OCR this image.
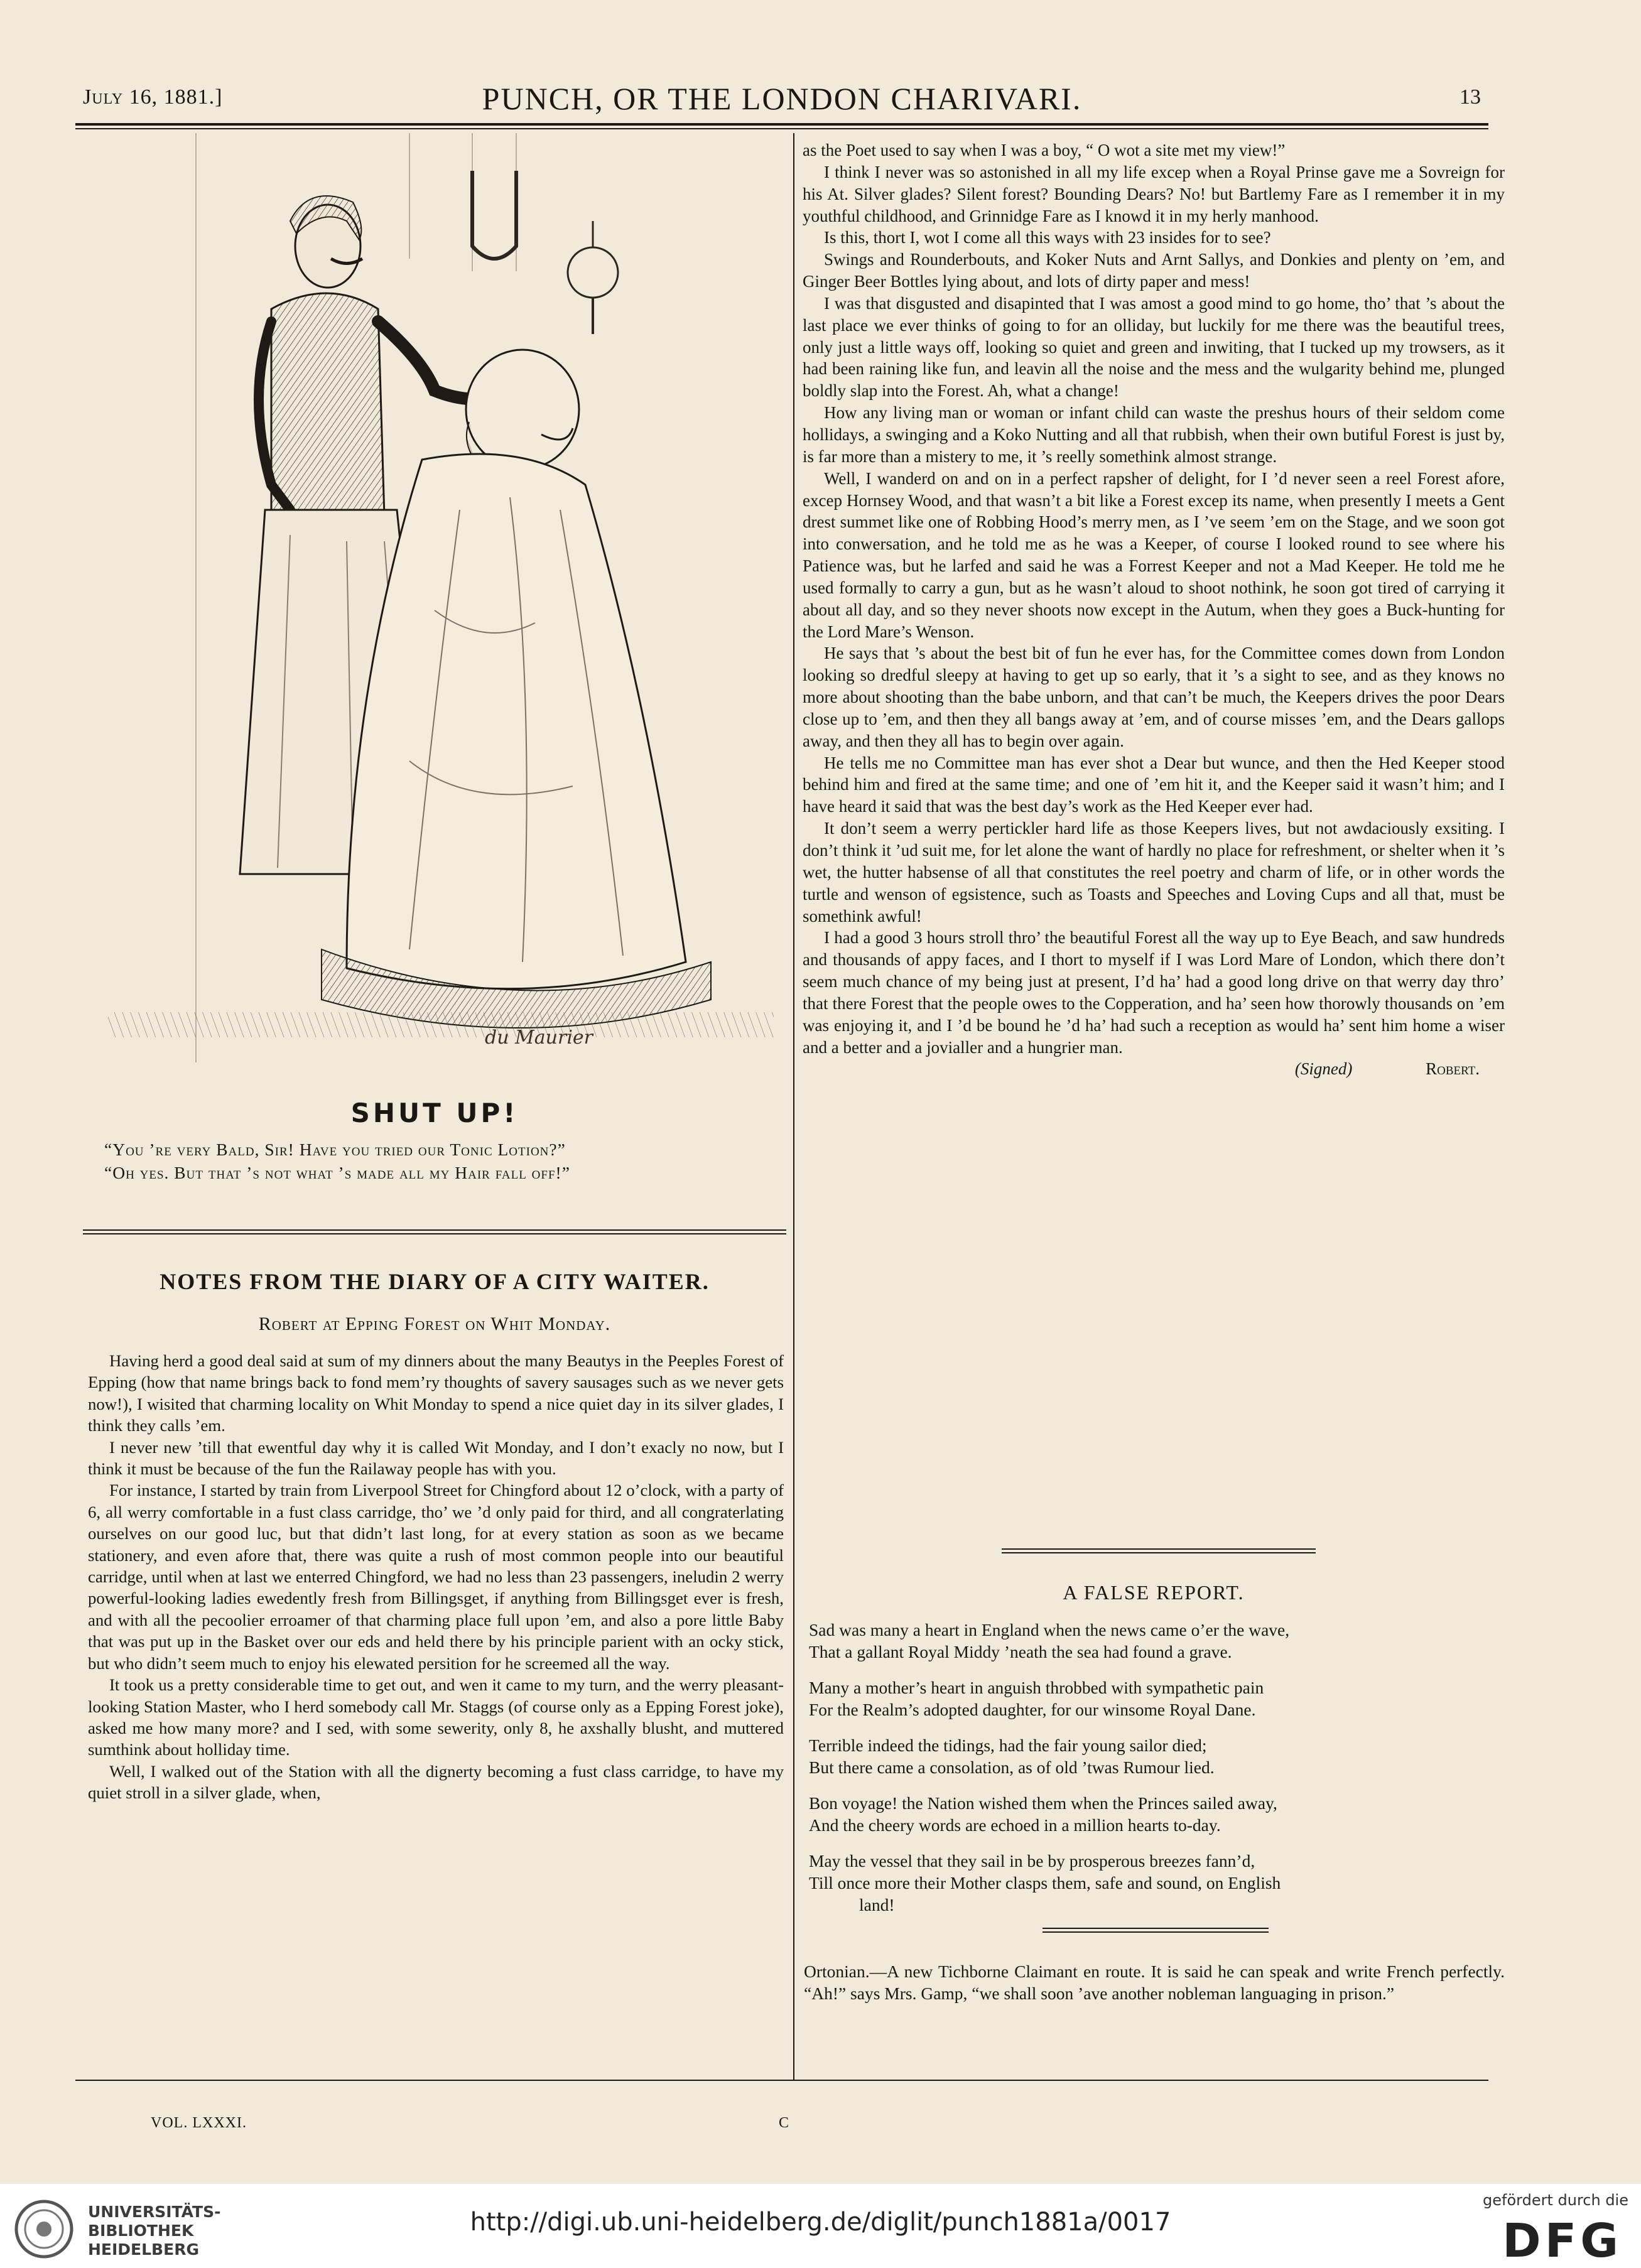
July 16, 1881.]	PUNCH, OR THE LONDON CHARIVARI.	13
du Maurier
SHUT UP!

“You ’re very Bald, Sir! Have you tried our Tonic Lotion?”

“Oh yes. But that ’s not what ’s made all my Hair fall off!”

NOTES FROM THE DIARY OF A CITY WAITER.
Robert at Epping Forest on Whit Monday.

Having herd a good deal said at sum of my dinners about the many Beautys in the Peeples Forest of Epping (how that name brings back to fond mem’ry thoughts of savery sausages such as we never gets now!), I wisited that charming locality on Whit Monday to spend a nice quiet day in its silver glades, I think they calls ’em.

I never new ’till that ewentful day why it is called Wit Monday, and I don’t exacly no now, but I think it must be because of the fun the Railaway people has with you.

For instance, I started by train from Liverpool Street for Chingford about 12 o’clock, with a party of 6, all werry comfortable in a fust class carridge, tho’ we ’d only paid for third, and all congraterlating ourselves on our good luc, but that didn’t last long, for at every station as soon as we became stationery, and even afore that, there was quite a rush of most common people into our beautiful carridge, until when at last we enterred Chingford, we had no less than 23 passengers, ineludin 2 werry powerful-looking ladies ewedently fresh from Billingsget, if anything from Billingsget ever is fresh, and with all the pecoolier erroamer of that charming place full upon ’em, and also a pore little Baby that was put up in the Basket over our eds and held there by his principle parient with an ocky stick, but who didn’t seem much to enjoy his elewated persition for he screemed all the way.

It took us a pretty considerable time to get out, and wen it came to my turn, and the werry pleasant-looking Station Master, who I herd somebody call Mr. Staggs (of course only as a Epping Forest joke), asked me how many more? and I sed, with some sewerity, only 8, he axshally blusht, and muttered sumthink about holliday time.

Well, I walked out of the Station with all the dignerty becoming a fust class carridge, to have my quiet stroll in a silver glade, when,

as the Poet used to say when I was a boy, “ O wot a site met my view!”

I think I never was so astonished in all my life excep when a Royal Prinse gave me a Sovreign for his At. Silver glades? Silent forest? Bounding Dears? No! but Bartlemy Fare as I remember it in my youthful childhood, and Grinnidge Fare as I knowd it in my herly manhood.

Is this, thort I, wot I come all this ways with 23 insides for to see?

Swings and Rounderbouts, and Koker Nuts and Arnt Sallys, and Donkies and plenty on ’em, and Ginger Beer Bottles lying about, and lots of dirty paper and mess!

I was that disgusted and disapinted that I was amost a good mind to go home, tho’ that ’s about the last place we ever thinks of going to for an olliday, but luckily for me there was the beautiful trees, only just a little ways off, looking so quiet and green and inwiting, that I tucked up my trowsers, as it had been raining like fun, and leavin all the noise and the mess and the wulgarity behind me, plunged boldly slap into the Forest. Ah, what a change!

How any living man or woman or infant child can waste the preshus hours of their seldom come hollidays, a swinging and a Koko Nutting and all that rubbish, when their own butiful Forest is just by, is far more than a mistery to me, it ’s reelly somethink almost strange.

Well, I wanderd on and on in a perfect rapsher of delight, for I ’d never seen a reel Forest afore, excep Hornsey Wood, and that wasn’t a bit like a Forest excep its name, when presently I meets a Gent drest summet like one of Robbing Hood’s merry men, as I ’ve seem ’em on the Stage, and we soon got into conwersation, and he told me as he was a Keeper, of course I looked round to see where his Patience was, but he larfed and said he was a Forrest Keeper and not a Mad Keeper. He told me he used formally to carry a gun, but as he wasn’t aloud to shoot nothink, he soon got tired of carrying it about all day, and so they never shoots now except in the Autum, when they goes a Buck-hunting for the Lord Mare’s Wenson.

He says that ’s about the best bit of fun he ever has, for the Committee comes down from London looking so dredful sleepy at having to get up so early, that it ’s a sight to see, and as they knows no more about shooting than the babe unborn, and that can’t be much, the Keepers drives the poor Dears close up to ’em, and then they all bangs away at ’em, and of course misses ’em, and the Dears gallops away, and then they all has to begin over again.

He tells me no Committee man has ever shot a Dear but wunce, and then the Hed Keeper stood behind him and fired at the same time; and one of ’em hit it, and the Keeper said it wasn’t him; and I have heard it said that was the best day’s work as the Hed Keeper ever had.

It don’t seem a werry pertickler hard life as those Keepers lives, but not awdaciously exsiting. I don’t think it ’ud suit me, for let alone the want of hardly no place for refreshment, or shelter when it ’s wet, the hutter habsense of all that constitutes the reel poetry and charm of life, or in other words the turtle and wenson of egsistence, such as Toasts and Speeches and Loving Cups and all that, must be somethink awful!

I had a good 3 hours stroll thro’ the beautiful Forest all the way up to Eye Beach, and saw hundreds and thousands of appy faces, and I thort to myself if I was Lord Mare of London, which there don’t seem much chance of my being just at present, I’d ha’ had a good long drive on that werry day thro’ that there Forest that the people owes to the Copperation, and ha’ seen how thorowly thousands on ’em was enjoying it, and I ’d be bound he ’d ha’ had such a reception as would ha’ sent him home a wiser and a better and a jovialler and a hungrier man.

(Signed)	Robert.
A FALSE REPORT.

Sad was many a heart in England when the news came o’er the wave,

That a gallant Royal Middy ’neath the sea had found a grave.

Many a mother’s heart in anguish throbbed with sympathetic pain

For the Realm’s adopted daughter, for our winsome Royal Dane.

Terrible indeed the tidings, had the fair young sailor died;

But there came a consolation, as of old ’twas Rumour lied.

Bon voyage! the Nation wished them when the Princes sailed away,

And the cheery words are echoed in a million hearts to-day.

May the vessel that they sail in be by prosperous breezes fann’d,

Till once more their Mother clasps them, safe and sound, on English

land!

Ortonian.—A new Tichborne Claimant en route. It is said he can speak and write French perfectly. “Ah!” says Mrs. Gamp, “we shall soon ’ave another nobleman languaging in prison.”

VOL. LXXXI.	C
UNIVERSITÄTS-
BIBLIOTHEK
HEIDELBERG
http://digi.ub.uni-heidelberg.de/diglit/punch1881a/0017
gefördert durch die
DFG
